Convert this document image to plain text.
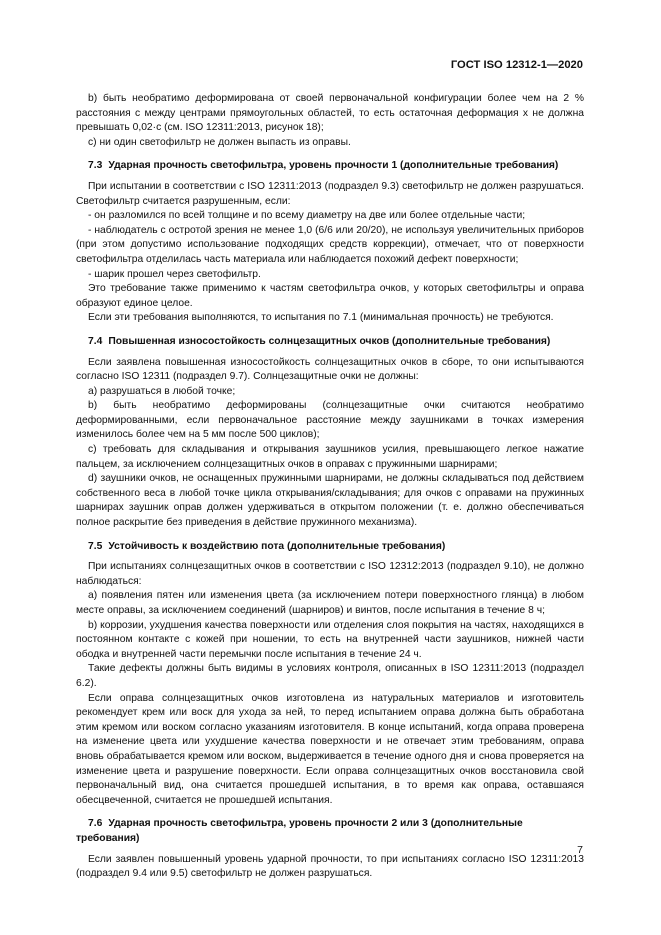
ГОСТ ISO 12312-1—2020

b) быть необратимо деформирована от своей первоначальной конфигурации более чем на 2 % расстояния с между центрами прямоугольных областей, то есть остаточная деформация x не должна превышать 0,02·c (см. ISO 12311:2013, рисунок 18);

c) ни один светофильтр не должен выпасть из оправы.

7.3 Ударная прочность светофильтра, уровень прочности 1 (дополнительные требования)

При испытании в соответствии с ISO 12311:2013 (подраздел 9.3) светофильтр не должен разрушаться. Светофильтр считается разрушенным, если:

- он разломился по всей толщине и по всему диаметру на две или более отдельные части;

- наблюдатель с остротой зрения не менее 1,0 (6/6 или 20/20), не используя увеличительных приборов (при этом допустимо использование подходящих средств коррекции), отмечает, что от поверхности светофильтра отделилась часть материала или наблюдается похожий дефект поверхности;

- шарик прошел через светофильтр.

Это требование также применимо к частям светофильтра очков, у которых светофильтры и оправа образуют единое целое.

Если эти требования выполняются, то испытания по 7.1 (минимальная прочность) не требуются.

7.4 Повышенная износостойкость солнцезащитных очков (дополнительные требования)

Если заявлена повышенная износостойкость солнцезащитных очков в сборе, то они испытываются согласно ISO 12311 (подраздел 9.7). Солнцезащитные очки не должны:

a) разрушаться в любой точке;

b) быть необратимо деформированы (солнцезащитные очки считаются необратимо деформированными, если первоначальное расстояние между заушниками в точках измерения изменилось более чем на 5 мм после 500 циклов);

c) требовать для складывания и открывания заушников усилия, превышающего легкое нажатие пальцем, за исключением солнцезащитных очков в оправах с пружинными шарнирами;

d) заушники очков, не оснащенных пружинными шарнирами, не должны складываться под действием собственного веса в любой точке цикла открывания/складывания; для очков с оправами на пружинных шарнирах заушник оправ должен удерживаться в открытом положении (т. е. должно обеспечиваться полное раскрытие без приведения в действие пружинного механизма).

7.5 Устойчивость к воздействию пота (дополнительные требования)

При испытаниях солнцезащитных очков в соответствии с ISO 12312:2013 (подраздел 9.10), не должно наблюдаться:

a) появления пятен или изменения цвета (за исключением потери поверхностного глянца) в любом месте оправы, за исключением соединений (шарниров) и винтов, после испытания в течение 8 ч;

b) коррозии, ухудшения качества поверхности или отделения слоя покрытия на частях, находящихся в постоянном контакте с кожей при ношении, то есть на внутренней части заушников, нижней части ободка и внутренней части перемычки после испытания в течение 24 ч.

Такие дефекты должны быть видимы в условиях контроля, описанных в ISO 12311:2013 (подраздел 6.2).

Если оправа солнцезащитных очков изготовлена из натуральных материалов и изготовитель рекомендует крем или воск для ухода за ней, то перед испытанием оправа должна быть обработана этим кремом или воском согласно указаниям изготовителя. В конце испытаний, когда оправа проверена на изменение цвета или ухудшение качества поверхности и не отвечает этим требованиям, оправа вновь обрабатывается кремом или воском, выдерживается в течение одного дня и снова проверяется на изменение цвета и разрушение поверхности. Если оправа солнцезащитных очков восстановила свой первоначальный вид, она считается прошедшей испытания, в то время как оправа, оставшаяся обесцвеченной, считается не прошедшей испытания.

7.6 Ударная прочность светофильтра, уровень прочности 2 или 3 (дополнительные требования)

Если заявлен повышенный уровень ударной прочности, то при испытаниях согласно ISO 12311:2013 (подраздел 9.4 или 9.5) светофильтр не должен разрушаться.

7
